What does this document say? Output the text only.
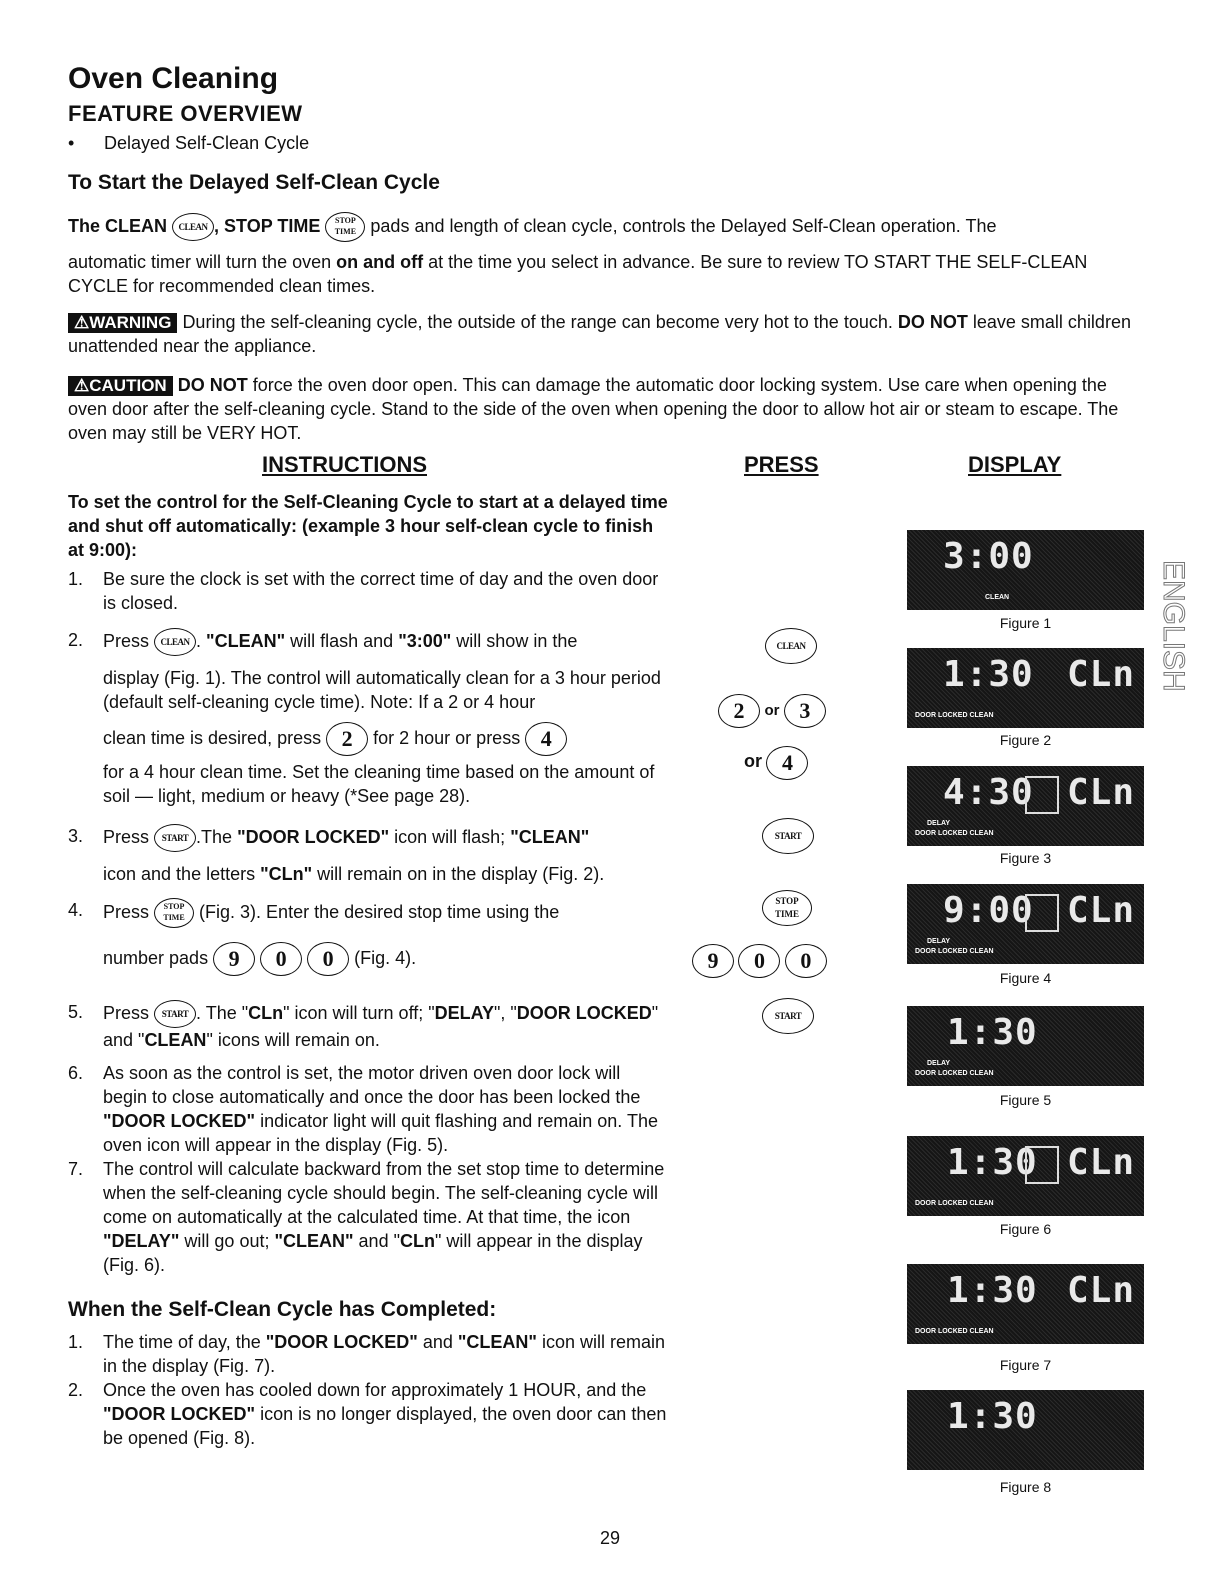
Oven Cleaning
FEATURE OVERVIEW
• Delayed Self-Clean Cycle
To Start the Delayed Self-Clean Cycle
The CLEAN CLEAN , STOP TIME STOP
TIME pads and length of clean cycle, controls the Delayed Self-Clean operation. The
automatic timer will turn the oven on and off at the time you select in advance. Be sure to review TO START THE SELF-CLEAN CYCLE for recommended clean times.
⚠WARNING During the self-cleaning cycle, the outside of the range can become very hot to the touch. DO NOT leave small children unattended near the appliance.
⚠CAUTION DO NOT force the oven door open. This can damage the automatic door locking system. Use care when opening the oven door after the self-cleaning cycle. Stand to the side of the oven when opening the door to allow hot air or steam to escape. The oven may still be VERY HOT.
INSTRUCTIONS	PRESS	DISPLAY
To set the control for the Self-Cleaning Cycle to start at a delayed time and shut off automatically: (example 3 hour self-clean cycle to finish at 9:00):
1. Be sure the clock is set with the correct time of day and the oven door is closed.
2. Press CLEAN . "CLEAN" will flash and "3:00" will show in the
display (Fig. 1). The control will automatically clean for a 3 hour period (default self-cleaning cycle time). Note: If a 2 or 4 hour
clean time is desired, press 2 for 2 hour or press 4
for a 4 hour clean time. Set the cleaning time based on the amount of soil — light, medium or heavy (*See page 28).
3. Press START .The "DOOR LOCKED" icon will flash; "CLEAN"
icon and the letters "CLn" will remain on in the display (Fig. 2).
4. Press STOP
TIME (Fig. 3). Enter the desired stop time using the
number pads 9 0 0 (Fig. 4).
5. Press START . The "CLn" icon will turn off; "DELAY", "DOOR LOCKED" and "CLEAN" icons will remain on.
6. As soon as the control is set, the motor driven oven door lock will begin to close automatically and once the door has been locked the "DOOR LOCKED" indicator light will quit flashing and remain on. The oven icon will appear in the display (Fig. 5).
7. The control will calculate backward from the set stop time to determine when the self-cleaning cycle should begin. The self-cleaning cycle will come on automatically at the calculated time. At that time, the icon "DELAY" will go out; "CLEAN" and "CLn" will appear in the display (Fig. 6).
When the Self-Clean Cycle has Completed:
1. The time of day, the "DOOR LOCKED" and "CLEAN" icon will remain in the display (Fig. 7).
2. Once the oven has cooled down for approximately 1 HOUR, and the "DOOR LOCKED" icon is no longer displayed, the oven door can then be opened (Fig. 8).
CLEAN
2 or 3
or 4
START
STOP
TIME
9 0 0
START
3:00
CLEAN
Figure 1
1:30 CLn
DOOR LOCKED CLEAN
Figure 2
4:30 CLn
DELAY
DOOR LOCKED CLEAN
Figure 3
9:00 CLn
DELAY
DOOR LOCKED CLEAN
Figure 4
1:30
DELAY
DOOR LOCKED CLEAN
Figure 5
1:30 CLn
DOOR LOCKED CLEAN
Figure 6
1:30 CLn
DOOR LOCKED CLEAN
Figure 7
1:30
Figure 8
ENGLISH
29
